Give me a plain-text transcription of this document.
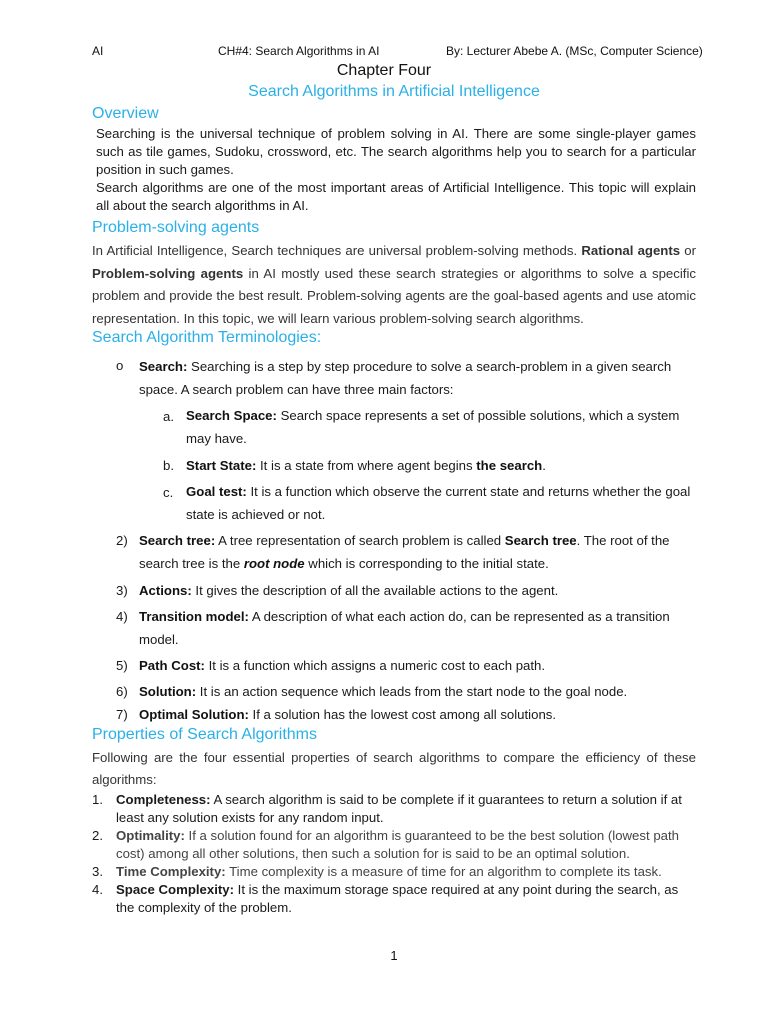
AI	CH#4: Search Algorithms in AI	By: Lecturer Abebe A. (MSc, Computer Science)
Chapter Four
Search Algorithms in Artificial Intelligence
Overview
Searching is the universal technique of problem solving in AI. There are some single-player games such as tile games, Sudoku, crossword, etc. The search algorithms help you to search for a particular position in such games.
Search algorithms are one of the most important areas of Artificial Intelligence. This topic will explain all about the search algorithms in AI.
Problem-solving agents
In Artificial Intelligence, Search techniques are universal problem-solving methods. Rational agents or Problem-solving agents in AI mostly used these search strategies or algorithms to solve a specific problem and provide the best result. Problem-solving agents are the goal-based agents and use atomic representation. In this topic, we will learn various problem-solving search algorithms.
Search Algorithm Terminologies:
o Search: Searching is a step by step procedure to solve a search-problem in a given search space. A search problem can have three main factors:
a. Search Space: Search space represents a set of possible solutions, which a system may have.
b. Start State: It is a state from where agent begins the search.
c. Goal test: It is a function which observe the current state and returns whether the goal state is achieved or not.
2) Search tree: A tree representation of search problem is called Search tree. The root of the search tree is the root node which is corresponding to the initial state.
3) Actions: It gives the description of all the available actions to the agent.
4) Transition model: A description of what each action do, can be represented as a transition model.
5) Path Cost: It is a function which assigns a numeric cost to each path.
6) Solution: It is an action sequence which leads from the start node to the goal node.
7) Optimal Solution: If a solution has the lowest cost among all solutions.
Properties of Search Algorithms
Following are the four essential properties of search algorithms to compare the efficiency of these algorithms:
1. Completeness: A search algorithm is said to be complete if it guarantees to return a solution if at least any solution exists for any random input.
2. Optimality: If a solution found for an algorithm is guaranteed to be the best solution (lowest path cost) among all other solutions, then such a solution for is said to be an optimal solution.
3. Time Complexity: Time complexity is a measure of time for an algorithm to complete its task.
4. Space Complexity: It is the maximum storage space required at any point during the search, as the complexity of the problem.
1
